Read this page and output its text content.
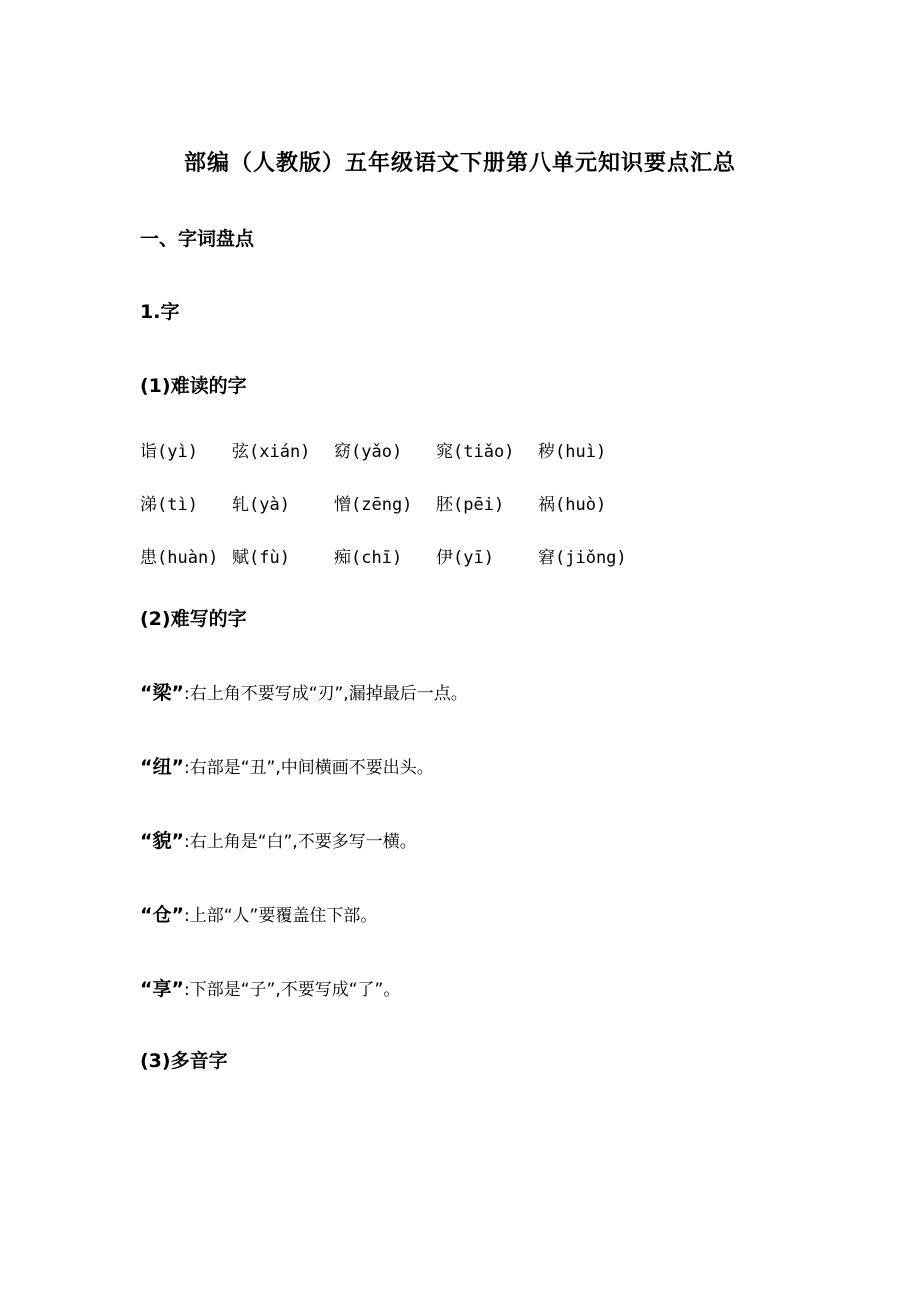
部编（人教版）五年级语文下册第八单元知识要点汇总
一、字词盘点
1.字
(1)难读的字
诣(yì) 弦(xián) 窈(yǎo) 窕(tiǎo) 秽(huì)
涕(tì) 轧(yà)	憎(zēng) 胚(pēi) 祸(huò)
患(huàn) 赋(fù)	痴(chī) 伊(yī)	窘(jiǒng)
(2)难写的字
“梁”:右上角不要写成“刃”,漏掉最后一点。
“纽”:右部是“丑”,中间横画不要出头。
“貌”:右上角是“白”,不要多写一横。
“仓”:上部“人”要覆盖住下部。
“享”:下部是“子”,不要写成“了”。
(3)多音字
